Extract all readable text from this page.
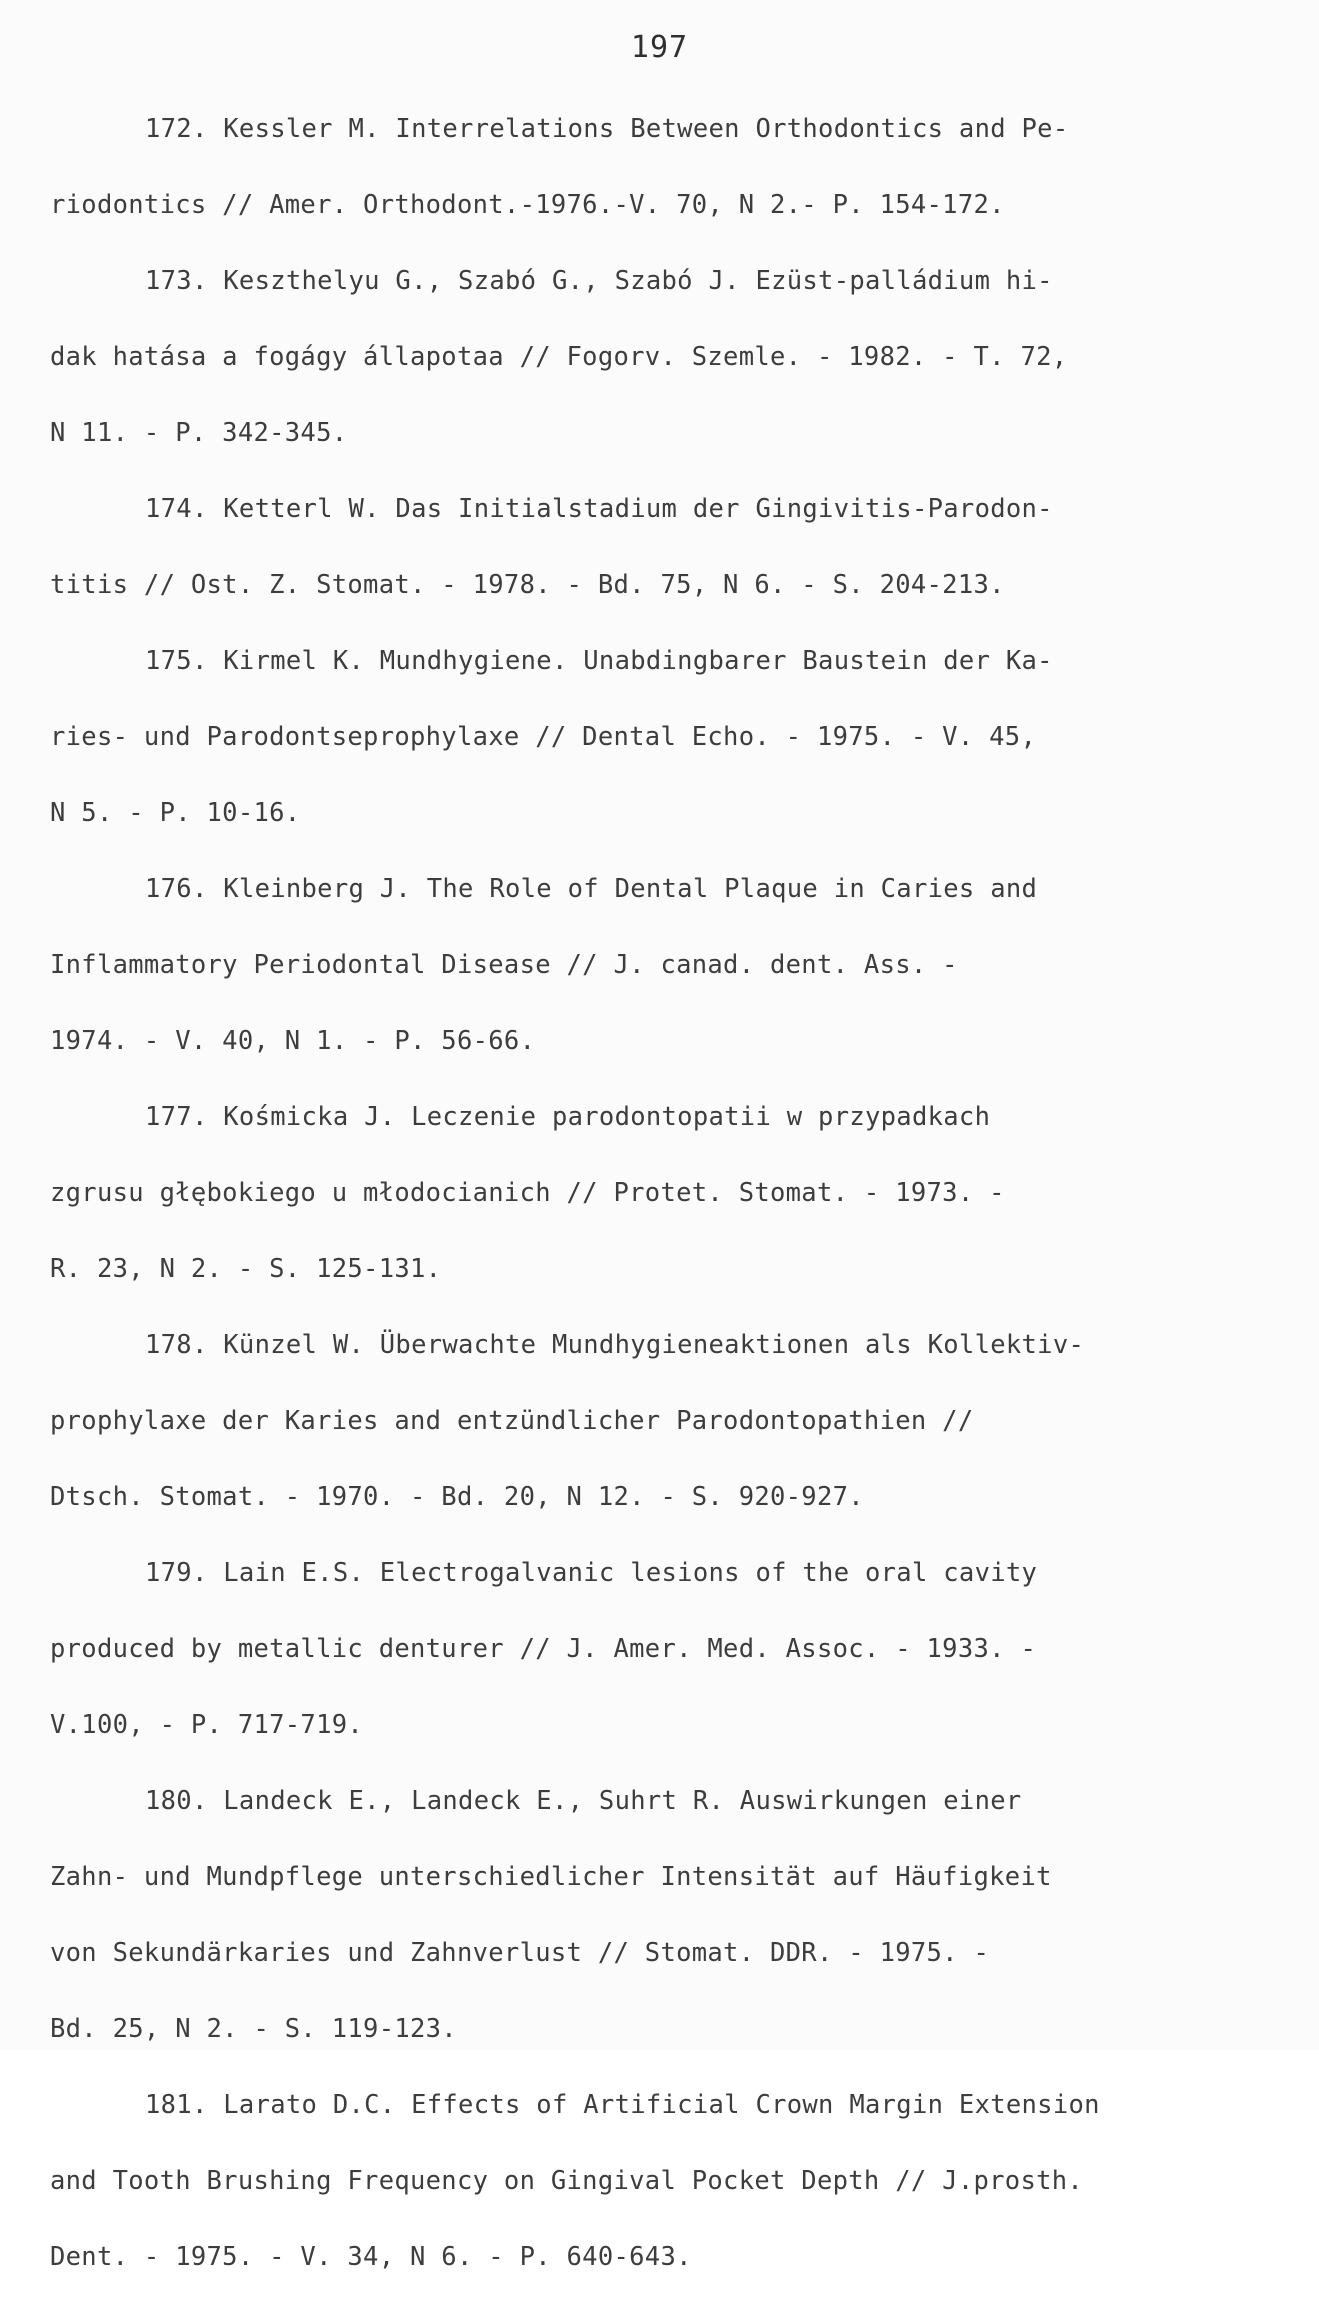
197
172. Kessler M. Interrelations Between Orthodontics and Pe-
riodontics // Amer. Orthodont.-1976.-V. 70, N 2.- P. 154-172.
173. Keszthelyu G., Szabó G., Szabó J. Ezüst-palládium hi-
dak hatása a fogágy állapotaa // Fogorv. Szemle. - 1982. - T. 72,
N 11. - P. 342-345.
174. Ketterl W. Das Initialstadium der Gingivitis-Parodon-
titis // Ost. Z. Stomat. - 1978. - Bd. 75, N 6. - S. 204-213.
175. Kirmel K. Mundhygiene. Unabdingbarer Baustein der Ka-
ries- und Parodontseprophylaxe // Dental Echo. - 1975. - V. 45,
N 5. - P. 10-16.
176. Kleinberg J. The Role of Dental Plaque in Caries and
Inflammatory Periodontal Disease // J. canad. dent. Ass. -
1974. - V. 40, N 1. - P. 56-66.
177. Kośmicka J. Leczenie parodontopatii w przypadkach
zgrusu głębokiego u młodocianich // Protet. Stomat. - 1973. -
R. 23, N 2. - S. 125-131.
178. Künzel W. Überwachte Mundhygieneaktionen als Kollektiv-
prophylaxe der Karies and entzündlicher Parodontopathien //
Dtsch. Stomat. - 1970. - Bd. 20, N 12. - S. 920-927.
179. Lain E.S. Electrogalvanic lesions of the oral cavity
produced by metallic denturer // J. Amer. Med. Assoc. - 1933. -
V.100, - P. 717-719.
180. Landeck E., Landeck E., Suhrt R. Auswirkungen einer
Zahn- und Mundpflege unterschiedlicher Intensität auf Häufigkeit
von Sekundärkaries und Zahnverlust // Stomat. DDR. - 1975. -
Bd. 25, N 2. - S. 119-123.
181. Larato D.C. Effects of Artificial Crown Margin Extension
and Tooth Brushing Frequency on Gingival Pocket Depth // J.prosth.
Dent. - 1975. - V. 34, N 6. - P. 640-643.
